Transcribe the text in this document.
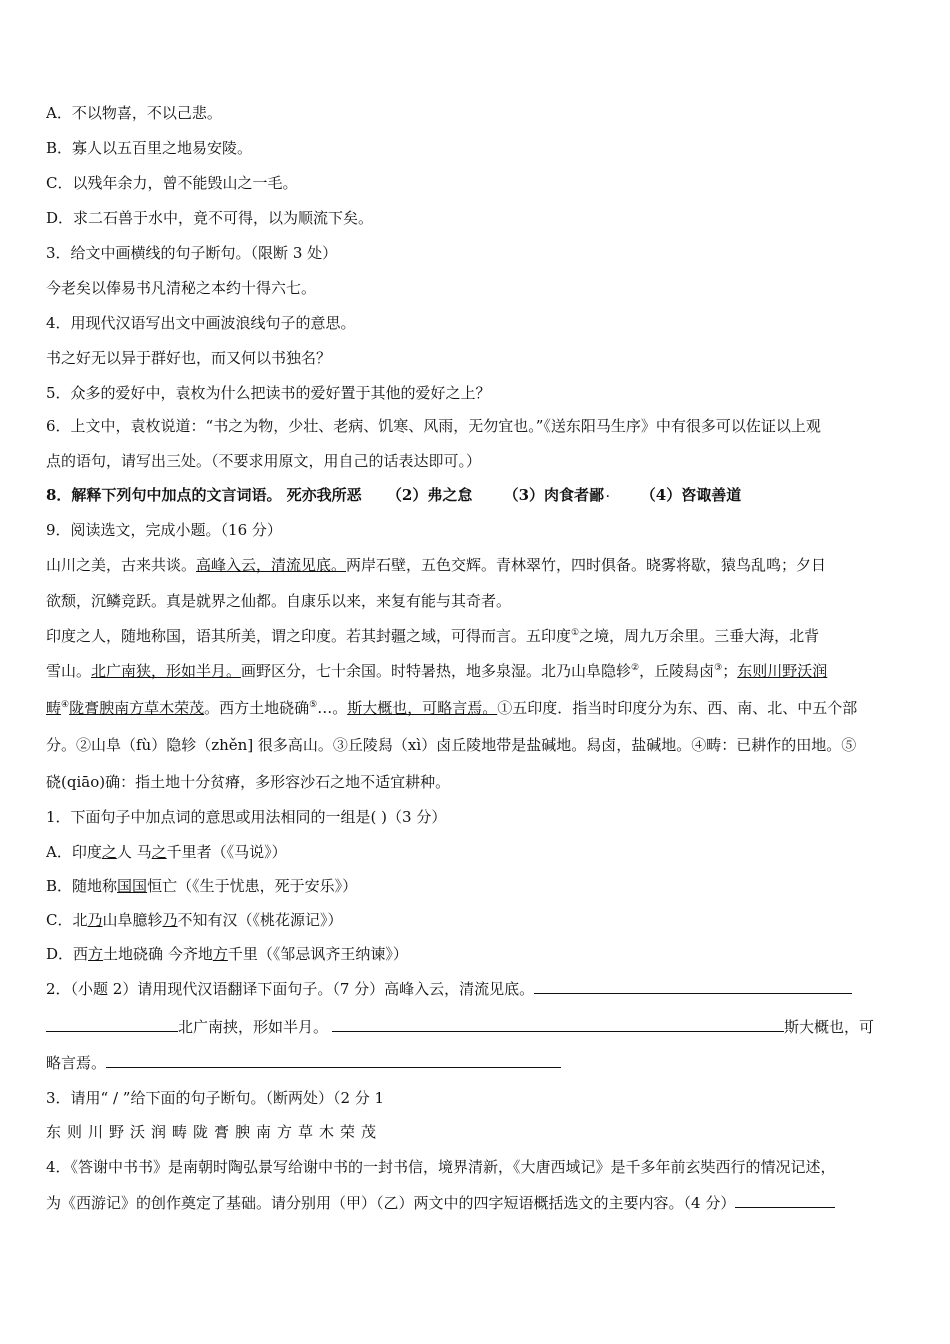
A．不以物喜，不以己悲。
B．寡人以五百里之地易安陵。
C．以残年余力，曾不能毁山之一毛。
D．求二石兽于水中，竟不可得，以为顺流下矣。
3．给文中画横线的句子断句。（限断 3 处）
今老矣以俸易书凡清秘之本约十得六七。
4．用现代汉语写出文中画波浪线句子的意思。
书之好无以异于群好也，而又何以书独名？
5．众多的爱好中，袁枚为什么把读书的爱好置于其他的爱好之上？
6．上文中，袁枚说道：“书之为物，少壮、老病、饥寒、风雨，无勿宜也。”《送东阳马生序》中有很多可以佐证以上观
点的语句，请写出三处。（不要求用原文，用自己的话表达即可。）
8．解释下列句中加点的文言词语。 死亦我所恶 （2）弗之怠 （3）肉食者鄙 . （4）咨诹善道
9．阅读选文，完成小题。（16 分）
山川之美，古来共谈。高峰入云，清流见底。两岸石壁，五色交辉。青林翠竹，四时俱备。晓雾将歇，猿鸟乱鸣；夕日
欲颓，沉鳞竞跃。真是就界之仙都。自康乐以来，来复有能与其奇者。
印度之人，随地称国，语其所美，谓之印度。若其封疆之域，可得而言。五印度①之境，周九万余里。三垂大海，北背
雪山。北广南狭，形如半月。画野区分，七十余国。时特暑热，地多泉湿。北乃山阜隐轸②，丘陵舄卤③；东则川野沃润
畴④陇膏腴南方草木荣茂。西方土地硗确⑤…。斯大概也，可略言焉。①五印度．指当时印度分为东、西、南、北、中五个部
分。②山阜（fù）隐轸（zhěn] 很多高山。③丘陵舄（xì）卤丘陵地带是盐碱地。舄卤，盐碱地。④畴：已耕作的田地。⑤
硗(qiāo)确：指土地十分贫瘠，多形容沙石之地不适宜耕种。
1．下面句子中加点词的意思或用法相同的一组是( )（3 分）
A．印度之人 马之千里者（《马说》）
B．随地称国国恒亡（《生于忧患，死于安乐》）
C．北乃山阜臆轸乃不知有汉（《桃花源记》）
D．西方土地硗确 今齐地方千里（《邹忌讽齐王纳谏》）
2．（小题 2）请用现代汉语翻译下面句子。（7 分）高峰入云，清流见底。
北广南挟，形如半月。	斯大概也，可
略言焉。
3．请用“ / ”给下面的句子断句。（断两处）（2 分 1
东则川野沃润畴陇膏腴南方草木荣茂
4．《答谢中书书》是南朝时陶弘景写给谢中书的一封书信，境界清新，《大唐西域记》是千多年前玄奘西行的情况记述，
为《西游记》的创作奠定了基础。请分别用（甲）（乙）两文中的四字短语概括选文的主要内容。（4 分）
